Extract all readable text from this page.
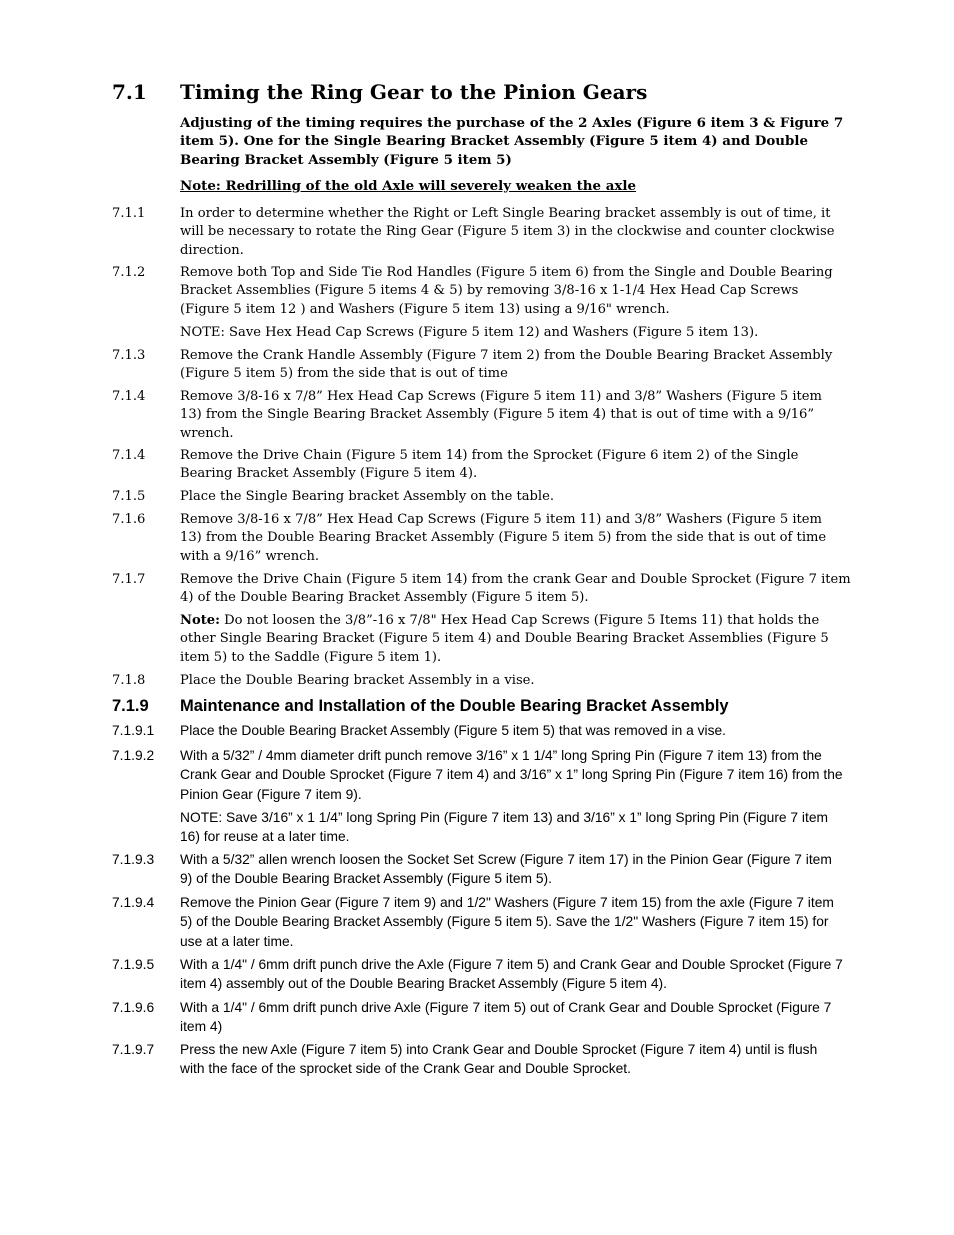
7.1 Timing the Ring Gear to the Pinion Gears
Adjusting of the timing requires the purchase of the 2 Axles (Figure 6 item 3 & Figure 7 item 5). One for the Single Bearing Bracket Assembly (Figure 5 item 4) and Double Bearing Bracket Assembly (Figure 5 item 5)
Note: Redrilling of the old Axle will severely weaken the axle
7.1.1	In order to determine whether the Right or Left Single Bearing bracket assembly is out of time, it will be necessary to rotate the Ring Gear (Figure 5 item 3) in the clockwise and counter clockwise direction.
7.1.2	Remove both Top and Side Tie Rod Handles (Figure 5 item 6) from the Single and Double Bearing Bracket Assemblies (Figure 5 items 4 & 5) by removing 3/8-16 x 1-1/4 Hex Head Cap Screws (Figure 5 item 12 ) and Washers (Figure 5 item 13) using a 9/16" wrench.
NOTE: Save Hex Head Cap Screws (Figure 5 item 12) and Washers (Figure 5 item 13).
7.1.3	Remove the Crank Handle Assembly (Figure 7 item 2) from the Double Bearing Bracket Assembly (Figure 5 item 5) from the side that is out of time
7.1.4	Remove 3/8-16 x 7/8” Hex Head Cap Screws (Figure 5 item 11) and 3/8” Washers (Figure 5 item 13) from the Single Bearing Bracket Assembly (Figure 5 item 4) that is out of time with a 9/16” wrench.
7.1.4	Remove the Drive Chain (Figure 5 item 14) from the Sprocket (Figure 6 item 2) of the Single Bearing Bracket Assembly (Figure 5 item 4).
7.1.5	Place the Single Bearing bracket Assembly on the table.
7.1.6	Remove 3/8-16 x 7/8” Hex Head Cap Screws (Figure 5 item 11) and 3/8” Washers (Figure 5 item 13) from the Double Bearing Bracket Assembly (Figure 5 item 5) from the side that is out of time with a 9/16” wrench.
7.1.7	Remove the Drive Chain (Figure 5 item 14) from the crank Gear and Double Sprocket (Figure 7 item 4) of the Double Bearing Bracket Assembly (Figure 5 item 5).
Note: Do not loosen the 3/8”-16 x 7/8" Hex Head Cap Screws (Figure 5 Items 11) that holds the other Single Bearing Bracket (Figure 5 item 4) and Double Bearing Bracket Assemblies (Figure 5 item 5) to the Saddle (Figure 5 item 1).
7.1.8	Place the Double Bearing bracket Assembly in a vise.
7.1.9 Maintenance and Installation of the Double Bearing Bracket Assembly
7.1.9.1 Place the Double Bearing Bracket Assembly (Figure 5 item 5) that was removed in a vise.
7.1.9.2 With a 5/32” / 4mm diameter drift punch remove 3/16” x 1 1/4” long Spring Pin (Figure 7 item 13) from the Crank Gear and Double Sprocket (Figure 7 item 4) and 3/16” x 1” long Spring Pin (Figure 7 item 16) from the Pinion Gear (Figure 7 item 9).
NOTE: Save 3/16” x 1 1/4” long Spring Pin (Figure 7 item 13) and 3/16” x 1” long Spring Pin (Figure 7 item 16) for reuse at a later time.
7.1.9.3 With a 5/32” allen wrench loosen the Socket Set Screw (Figure 7 item 17) in the Pinion Gear (Figure 7 item 9) of the Double Bearing Bracket Assembly (Figure 5 item 5).
7.1.9.4 Remove the Pinion Gear (Figure 7 item 9) and 1/2" Washers (Figure 7 item 15) from the axle (Figure 7 item 5) of the Double Bearing Bracket Assembly (Figure 5 item 5). Save the 1/2" Washers (Figure 7 item 15) for use at a later time.
7.1.9.5 With a 1/4" / 6mm drift punch drive the Axle (Figure 7 item 5) and Crank Gear and Double Sprocket (Figure 7 item 4) assembly out of the Double Bearing Bracket Assembly (Figure 5 item 4).
7.1.9.6 With a 1/4" / 6mm drift punch drive Axle (Figure 7 item 5) out of Crank Gear and Double Sprocket (Figure 7 item 4)
7.1.9.7 Press the new Axle (Figure 7 item 5) into Crank Gear and Double Sprocket (Figure 7 item 4) until is flush with the face of the sprocket side of the Crank Gear and Double Sprocket.
